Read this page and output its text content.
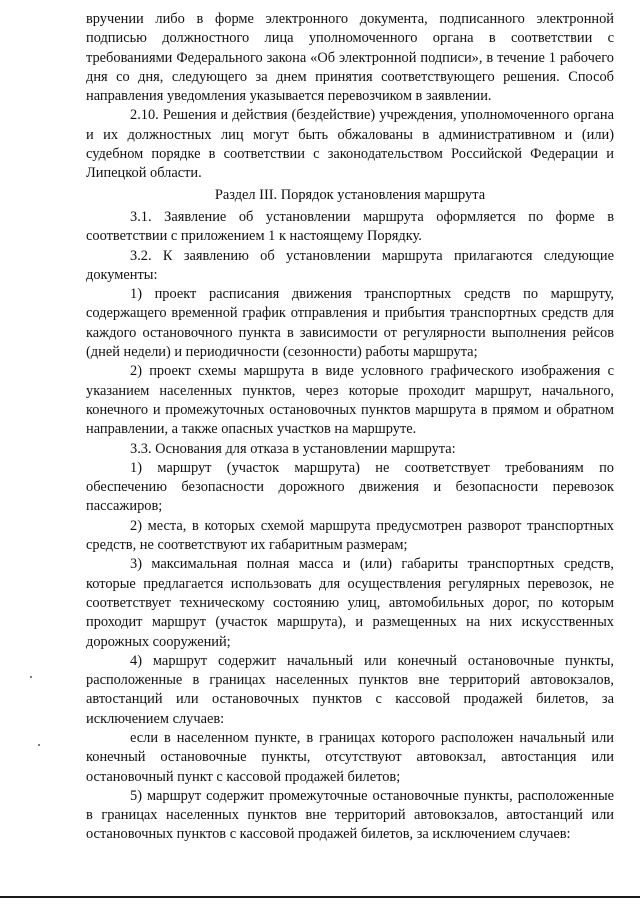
вручении либо в форме электронного документа, подписанного электронной подписью должностного лица уполномоченного органа в соответствии с требованиями Федерального закона «Об электронной подписи», в течение 1 рабочего дня со дня, следующего за днем принятия соответствующего решения. Способ направления уведомления указывается перевозчиком в заявлении.

2.10. Решения и действия (бездействие) учреждения, уполномоченного органа и их должностных лиц могут быть обжалованы в административном и (или) судебном порядке в соответствии с законодательством Российской Федерации и Липецкой области.

Раздел III. Порядок установления маршрута

3.1. Заявление об установлении маршрута оформляется по форме в соответствии с приложением 1 к настоящему Порядку.

3.2. К заявлению об установлении маршрута прилагаются следующие документы:

1) проект расписания движения транспортных средств по маршруту, содержащего временной график отправления и прибытия транспортных средств для каждого остановочного пункта в зависимости от регулярности выполнения рейсов (дней недели) и периодичности (сезонности) работы маршрута;

2) проект схемы маршрута в виде условного графического изображения с указанием населенных пунктов, через которые проходит маршрут, начального, конечного и промежуточных остановочных пунктов маршрута в прямом и обратном направлении, а также опасных участков на маршруте.

3.3. Основания для отказа в установлении маршрута:

1) маршрут (участок маршрута) не соответствует требованиям по обеспечению безопасности дорожного движения и безопасности перевозок пассажиров;

2) места, в которых схемой маршрута предусмотрен разворот транспортных средств, не соответствуют их габаритным размерам;

3) максимальная полная масса и (или) габариты транспортных средств, которые предлагается использовать для осуществления регулярных перевозок, не соответствует техническому состоянию улиц, автомобильных дорог, по которым проходит маршрут (участок маршрута), и размещенных на них искусственных дорожных сооружений;

4) маршрут содержит начальный или конечный остановочные пункты, расположенные в границах населенных пунктов вне территорий автовокзалов, автостанций или остановочных пунктов с кассовой продажей билетов, за исключением случаев:

если в населенном пункте, в границах которого расположен начальный или конечный остановочные пункты, отсутствуют автовокзал, автостанция или остановочный пункт с кассовой продажей билетов;

5) маршрут содержит промежуточные остановочные пункты, расположенные в границах населенных пунктов вне территорий автовокзалов, автостанций или остановочных пунктов с кассовой продажей билетов, за исключением случаев:
